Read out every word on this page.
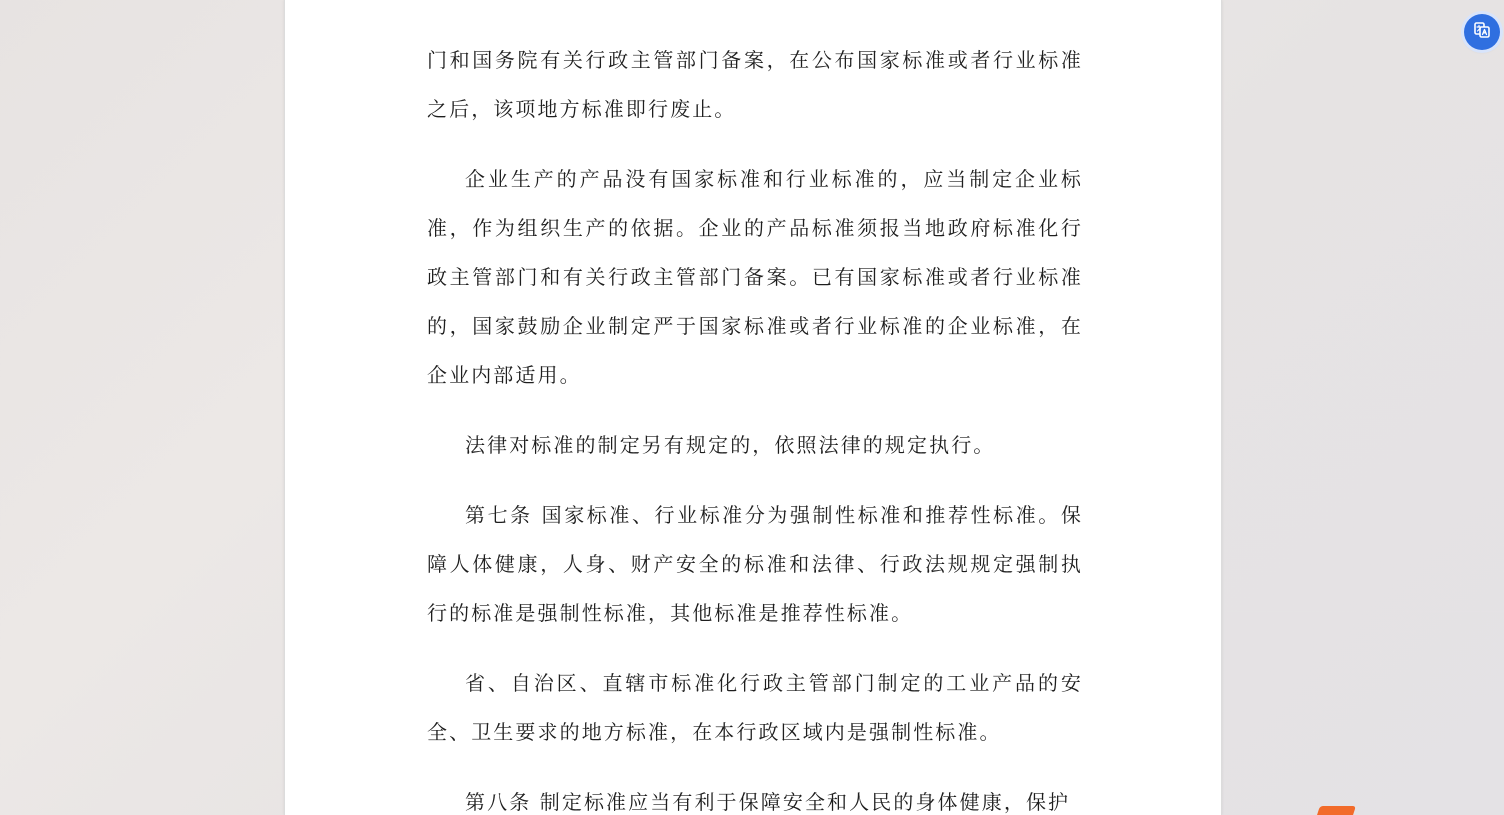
门和国务院有关行政主管部门备案，在公布国家标准或者行业标准之后，该项地方标准即行废止。

企业生产的产品没有国家标准和行业标准的，应当制定企业标准，作为组织生产的依据。企业的产品标准须报当地政府标准化行政主管部门和有关行政主管部门备案。已有国家标准或者行业标准的，国家鼓励企业制定严于国家标准或者行业标准的企业标准，在企业内部适用。

法律对标准的制定另有规定的，依照法律的规定执行。

第七条 国家标准、行业标准分为强制性标准和推荐性标准。保障人体健康，人身、财产安全的标准和法律、行政法规规定强制执行的标准是强制性标准，其他标准是推荐性标准。

省、自治区、直辖市标准化行政主管部门制定的工业产品的安全、卫生要求的地方标准，在本行政区域内是强制性标准。

第八条 制定标准应当有利于保障安全和人民的身体健康，保护
